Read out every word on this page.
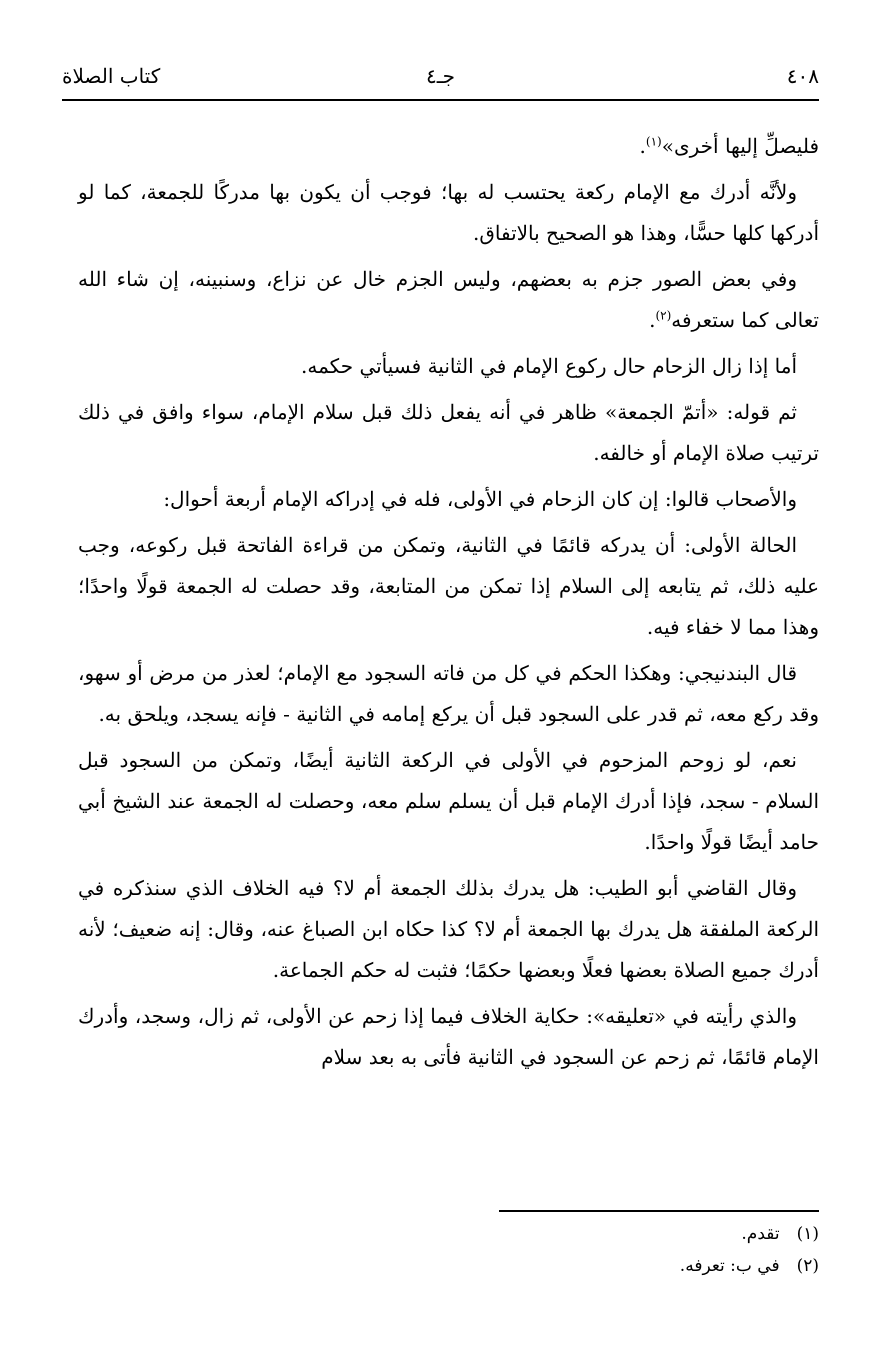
٤٠٨
جـ٤
كتاب الصلاة

فليصلِّ إليها أخرى»$^{(١)}$.

ولأنَّه أدرك مع الإمام ركعة يحتسب له بها؛ فوجب أن يكون بها مدركًا للجمعة، كما لو أدركها كلها حسًّا، وهذا هو الصحيح بالاتفاق.

وفي بعض الصور جزم به بعضهم، وليس الجزم خال عن نزاع، وسنبينه، إن شاء الله تعالى كما ستعرفه$^{(٢)}$.

أما إذا زال الزحام حال ركوع الإمام في الثانية فسيأتي حكمه.

ثم قوله: «أتمّ الجمعة» ظاهر في أنه يفعل ذلك قبل سلام الإمام، سواء وافق في ذلك ترتيب صلاة الإمام أو خالفه.

والأصحاب قالوا: إن كان الزحام في الأولى، فله في إدراكه الإمام أربعة أحوال:

الحالة الأولى: أن يدركه قائمًا في الثانية، وتمكن من قراءة الفاتحة قبل ركوعه، وجب عليه ذلك، ثم يتابعه إلى السلام إذا تمكن من المتابعة، وقد حصلت له الجمعة قولًا واحدًا؛ وهذا مما لا خفاء فيه.

قال البندنيجي: وهكذا الحكم في كل من فاته السجود مع الإمام؛ لعذر من مرض أو سهو، وقد ركع معه، ثم قدر على السجود قبل أن يركع إمامه في الثانية - فإنه يسجد، ويلحق به.

نعم، لو زوحم المزحوم في الأولى في الركعة الثانية أيضًا، وتمكن من السجود قبل السلام - سجد، فإذا أدرك الإمام قبل أن يسلم سلم معه، وحصلت له الجمعة عند الشيخ أبي حامد أيضًا قولًا واحدًا.

وقال القاضي أبو الطيب: هل يدرك بذلك الجمعة أم لا؟ فيه الخلاف الذي سنذكره في الركعة الملفقة هل يدرك بها الجمعة أم لا؟ كذا حكاه ابن الصباغ عنه، وقال: إنه ضعيف؛ لأنه أدرك جميع الصلاة بعضها فعلًا وبعضها حكمًا؛ فثبت له حكم الجماعة.

والذي رأيته في «تعليقه»: حكاية الخلاف فيما إذا زحم عن الأولى، ثم زال، وسجد، وأدرك الإمام قائمًا، ثم زحم عن السجود في الثانية فأتى به بعد سلام

(١) تقدم.
(٢) في ب: تعرفه.
